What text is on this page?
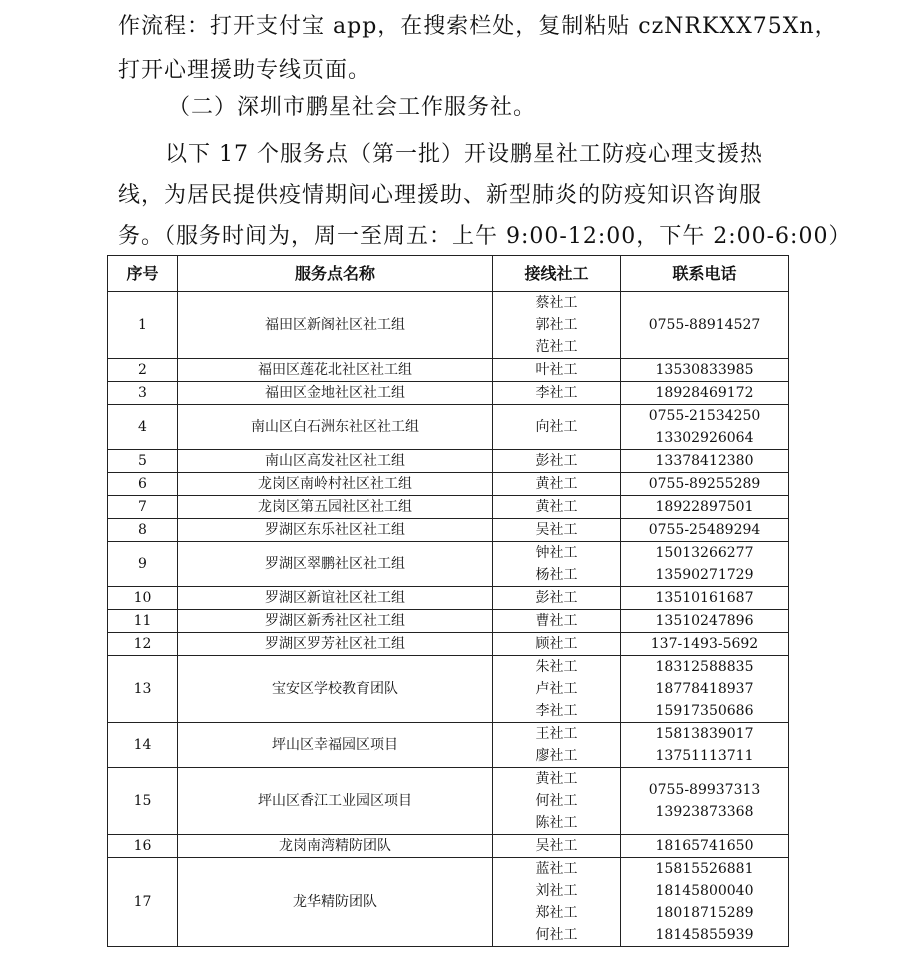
作流程：打开支付宝 app，在搜索栏处，复制粘贴 czNRKXX75Xn，
打开心理援助专线页面。
（二）深圳市鹏星社会工作服务社。
以下 17 个服务点（第一批）开设鹏星社工防疫心理支援热
线，为居民提供疫情期间心理援助、新型肺炎的防疫知识咨询服
务。（服务时间为，周一至周五：上午 9:00-12:00，下午 2:00-6:00）
序号	服务点名称	接线社工	联系电话
1	福田区新阁社区社工组	蔡社工
郭社工
范社工	0755-88914527

2	福田区莲花北社区社工组	叶社工	13530833985

3	福田区金地社区社工组	李社工	18928469172

4	南山区白石洲东社区社工组	向社工	0755-21534250
13302926064

5	南山区高发社区社工组	彭社工	13378412380

6	龙岗区南岭村社区社工组	黄社工	0755-89255289

7	龙岗区第五园社区社工组	黄社工	18922897501

8	罗湖区东乐社区社工组	吴社工	0755-25489294

9	罗湖区翠鹏社区社工组	钟社工
杨社工	15013266277
13590271729

10	罗湖区新谊社区社工组	彭社工	13510161687

11	罗湖区新秀社区社工组	曹社工	13510247896

12	罗湖区罗芳社区社工组	顾社工	137-1493-5692

13	宝安区学校教育团队	朱社工
卢社工
李社工	18312588835
18778418937
15917350686

14	坪山区幸福园区项目	王社工
廖社工	15813839017
13751113711

15	坪山区香江工业园区项目	黄社工
何社工
陈社工	0755-89937313
13923873368

16	龙岗南湾精防团队	吴社工	18165741650

17	龙华精防团队	蓝社工
刘社工
郑社工
何社工	15815526881
18145800040
18018715289
18145855939
